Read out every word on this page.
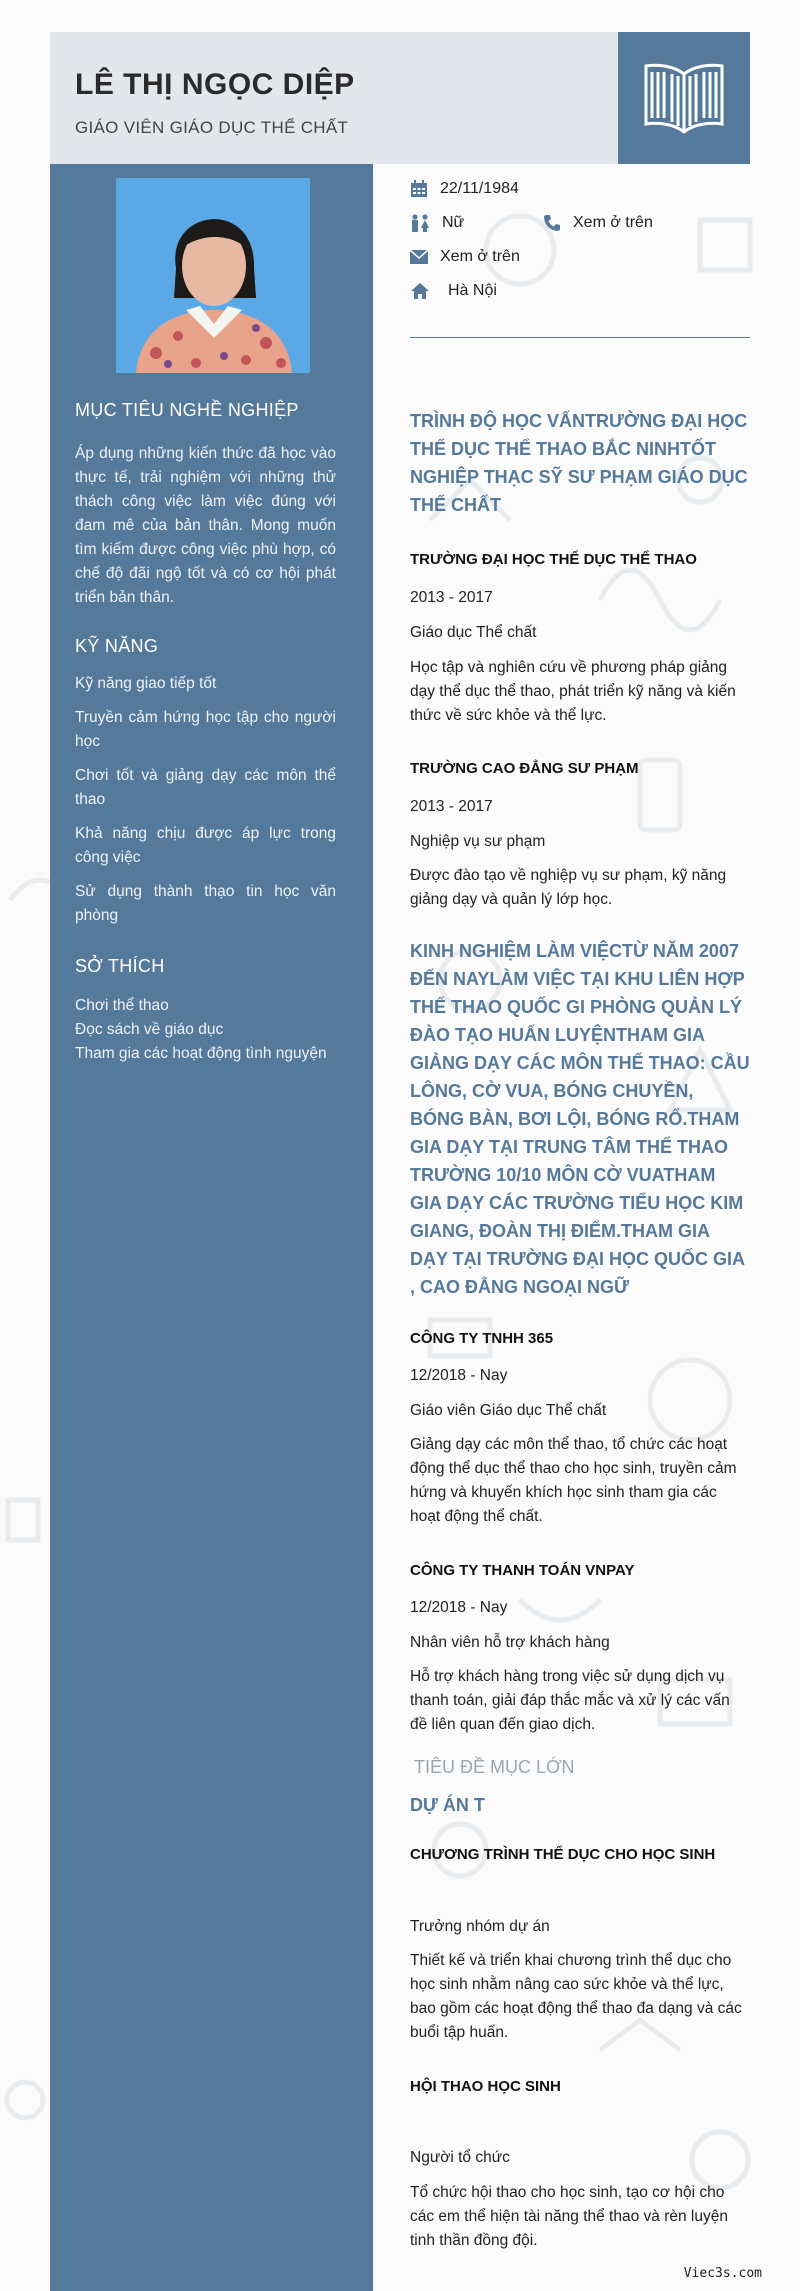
LÊ THỊ NGỌC DIỆP
GIÁO VIÊN GIÁO DỤC THỂ CHẤT
MỤC TIÊU NGHỀ NGHIỆP

Áp dụng những kiến thức đã học vào thực tế, trải nghiệm với những thử thách công việc làm việc đúng với đam mê của bản thân. Mong muốn tìm kiếm được công việc phù hợp, có chế độ đãi ngộ tốt và có cơ hội phát triển bản thân.

KỸ NĂNG
Kỹ năng giao tiếp tốt
Truyền cảm hứng học tập cho người học
Chơi tốt và giảng dạy các môn thể thao
Khả năng chịu được áp lực trong công việc
Sử dụng thành thạo tin học văn phòng
SỞ THÍCH
Chơi thể thao
Đọc sách về giáo dục
Tham gia các hoạt động tình nguyện
22/11/1984
Nữ	Xem ở trên
Xem ở trên
Hà Nội
TRÌNH ĐỘ HỌC VẤNTRƯỜNG ĐẠI HỌC THỂ DỤC THỂ THAO BẮC NINHTỐT NGHIỆP THẠC SỸ SƯ PHẠM GIÁO DỤC THỂ CHẤT
TRƯỜNG ĐẠI HỌC THỂ DỤC THỂ THAO
2013 - 2017
Giáo dục Thể chất

Học tập và nghiên cứu về phương pháp giảng dạy thể dục thể thao, phát triển kỹ năng và kiến thức về sức khỏe và thể lực.

TRƯỜNG CAO ĐẲNG SƯ PHẠM
2013 - 2017
Nghiệp vụ sư phạm

Được đào tạo về nghiệp vụ sư phạm, kỹ năng giảng dạy và quản lý lớp học.

KINH NGHIỆM LÀM VIỆCTỪ NĂM 2007 ĐẾN NAYLÀM VIỆC TẠI KHU LIÊN HỢP THỂ THAO QUỐC GI PHÒNG QUẢN LÝ ĐÀO TẠO HUẤN LUYỆNTHAM GIA GIẢNG DẠY CÁC MÔN THỂ THAO: CẦU LÔNG, CỜ VUA, BÓNG CHUYỀN, BÓNG BÀN, BƠI LỘI, BÓNG RỔ.THAM GIA DẠY TẠI TRUNG TÂM THỂ THAO TRƯỜNG 10/10 MÔN CỜ VUATHAM GIA DẠY CÁC TRƯỜNG TIỂU HỌC KIM GIANG, ĐOÀN THỊ ĐIỂM.THAM GIA DẠY TẠI TRƯỜNG ĐẠI HỌC QUỐC GIA , CAO ĐẲNG NGOẠI NGỮ
CÔNG TY TNHH 365
12/2018 - Nay
Giáo viên Giáo dục Thể chất

Giảng dạy các môn thể thao, tổ chức các hoạt động thể dục thể thao cho học sinh, truyền cảm hứng và khuyến khích học sinh tham gia các hoạt động thể chất.

CÔNG TY THANH TOÁN VNPAY
12/2018 - Nay
Nhân viên hỗ trợ khách hàng

Hỗ trợ khách hàng trong việc sử dụng dịch vụ thanh toán, giải đáp thắc mắc và xử lý các vấn đề liên quan đến giao dịch.

TIÊU ĐỀ MỤC LỚN
DỰ ÁN T
CHƯƠNG TRÌNH THỂ DỤC CHO HỌC SINH
Trưởng nhóm dự án

Thiết kế và triển khai chương trình thể dục cho học sinh nhằm nâng cao sức khỏe và thể lực, bao gồm các hoạt động thể thao đa dạng và các buổi tập huấn.

HỘI THAO HỌC SINH
Người tổ chức

Tổ chức hội thao cho học sinh, tạo cơ hội cho các em thể hiện tài năng thể thao và rèn luyện tinh thần đồng đội.

Viec3s.com
